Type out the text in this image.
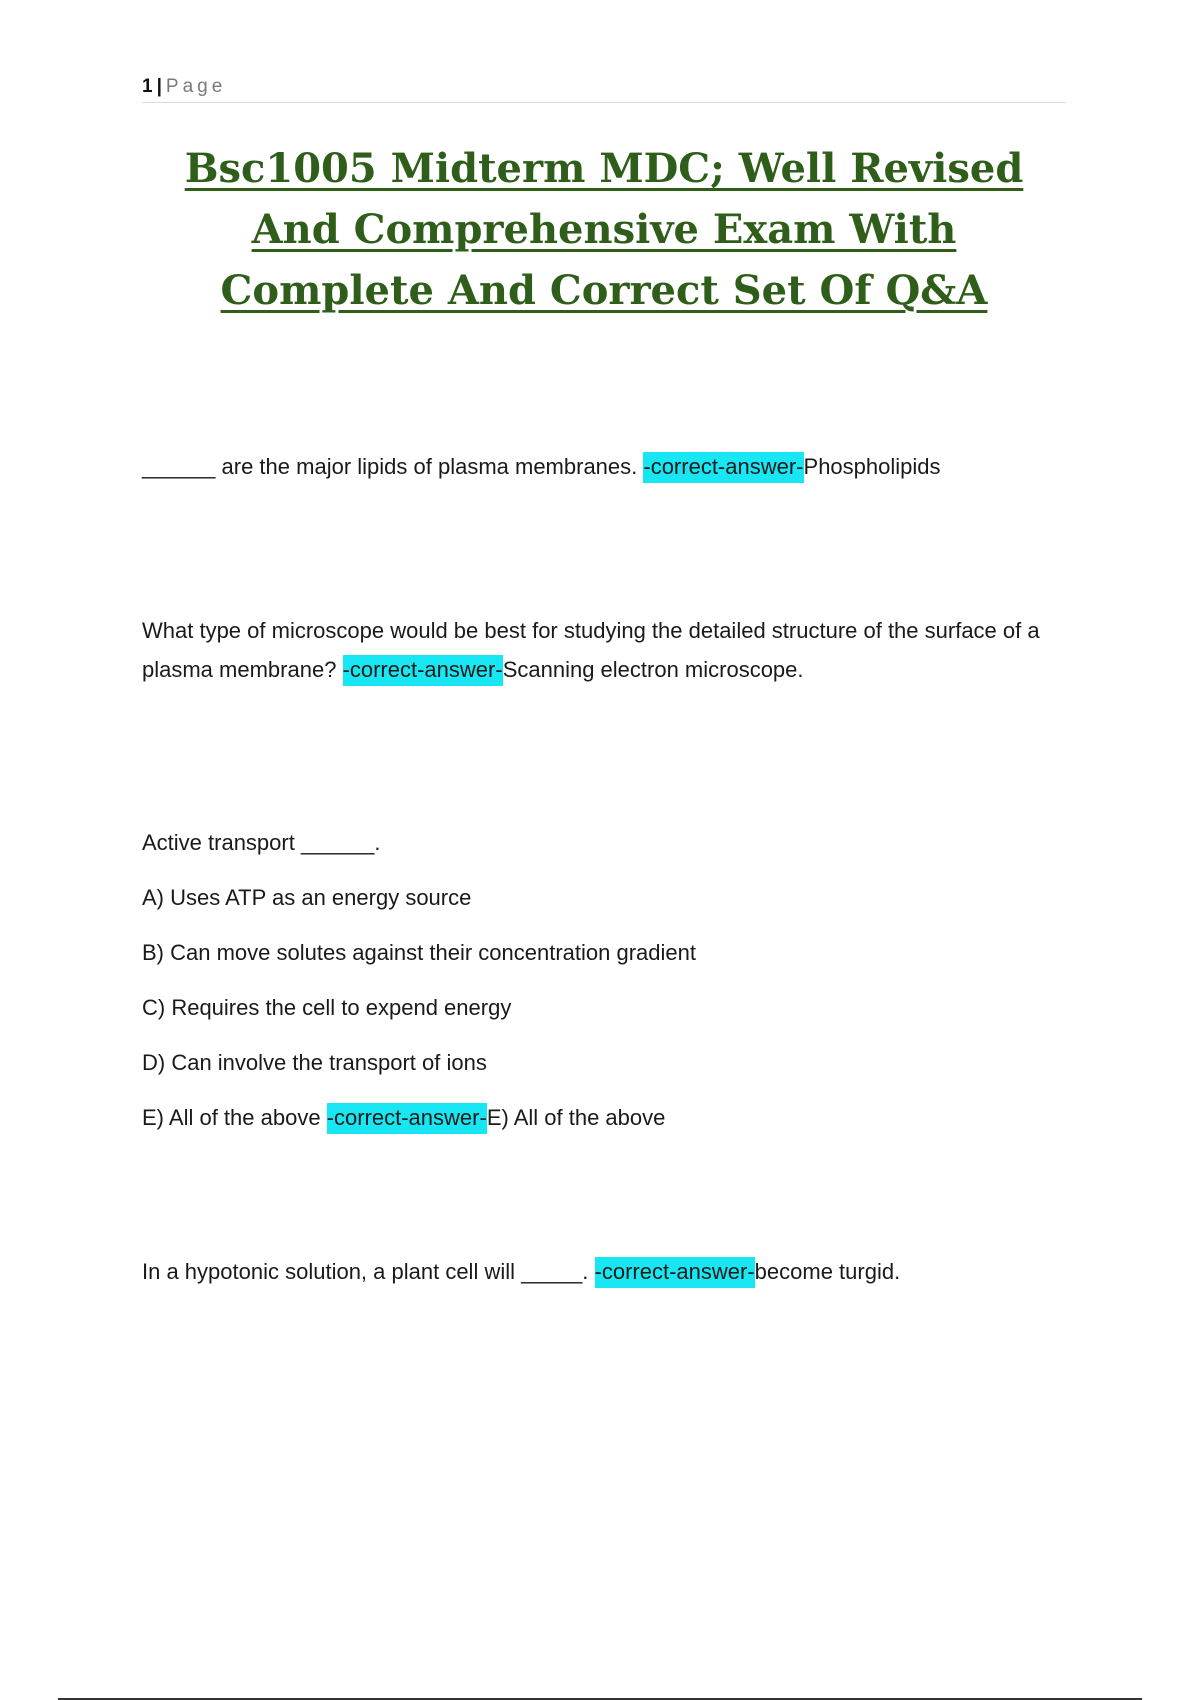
1 | Page
Bsc1005 Midterm MDC; Well Revised And Comprehensive Exam With Complete And Correct Set Of Q&A

______ are the major lipids of plasma membranes. -correct-answer-Phospholipids

What type of microscope would be best for studying the detailed structure of the surface of a plasma membrane? -correct-answer-Scanning electron microscope.

Active transport ______.

A) Uses ATP as an energy source

B) Can move solutes against their concentration gradient

C) Requires the cell to expend energy

D) Can involve the transport of ions

E) All of the above -correct-answer-E) All of the above

In a hypotonic solution, a plant cell will _____. -correct-answer-become turgid.
